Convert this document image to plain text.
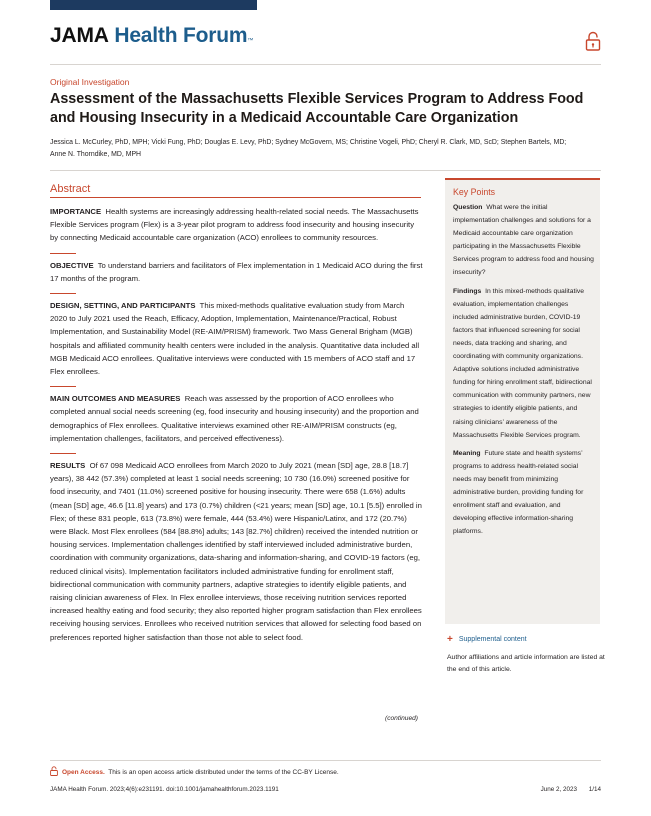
JAMA Health Forum™
Original Investigation
Assessment of the Massachusetts Flexible Services Program to Address Food and Housing Insecurity in a Medicaid Accountable Care Organization
Jessica L. McCurley, PhD, MPH; Vicki Fung, PhD; Douglas E. Levy, PhD; Sydney McGovern, MS; Christine Vogeli, PhD; Cheryl R. Clark, MD, ScD; Stephen Bartels, MD; Anne N. Thorndike, MD, MPH
Abstract

IMPORTANCE Health systems are increasingly addressing health-related social needs. The Massachusetts Flexible Services program (Flex) is a 3-year pilot program to address food insecurity and housing insecurity by connecting Medicaid accountable care organization (ACO) enrollees to community resources.

OBJECTIVE To understand barriers and facilitators of Flex implementation in 1 Medicaid ACO during the first 17 months of the program.

DESIGN, SETTING, AND PARTICIPANTS This mixed-methods qualitative evaluation study from March 2020 to July 2021 used the Reach, Efficacy, Adoption, Implementation, Maintenance/Practical, Robust Implementation, and Sustainability Model (RE-AIM/PRISM) framework. Two Mass General Brigham (MGB) hospitals and affiliated community health centers were included in the analysis. Quantitative data included all MGB Medicaid ACO enrollees. Qualitative interviews were conducted with 15 members of ACO staff and 17 Flex enrollees.

MAIN OUTCOMES AND MEASURES Reach was assessed by the proportion of ACO enrollees who completed annual social needs screening (eg, food insecurity and housing insecurity) and the proportion and demographics of Flex enrollees. Qualitative interviews examined other RE-AIM/PRISM constructs (eg, implementation challenges, facilitators, and perceived effectiveness).

RESULTS Of 67 098 Medicaid ACO enrollees from March 2020 to July 2021 (mean [SD] age, 28.8 [18.7] years), 38 442 (57.3%) completed at least 1 social needs screening; 10 730 (16.0%) screened positive for food insecurity, and 7401 (11.0%) screened positive for housing insecurity. There were 658 (1.6%) adults (mean [SD] age, 46.6 [11.8] years) and 173 (0.7%) children (<21 years; mean [SD] age, 10.1 [5.5]) enrolled in Flex; of these 831 people, 613 (73.8%) were female, 444 (53.4%) were Hispanic/Latinx, and 172 (20.7%) were Black. Most Flex enrollees (584 [88.8%] adults; 143 [82.7%] children) received the intended nutrition or housing services. Implementation challenges identified by staff interviewed included administrative burden, coordination with community organizations, data-sharing and information-sharing, and COVID-19 factors (eg, reduced clinical visits). Implementation facilitators included administrative funding for enrollment staff, bidirectional communication with community partners, adaptive strategies to identify eligible patients, and raising clinician awareness of Flex. In Flex enrollee interviews, those receiving nutrition services reported increased healthy eating and food security; they also reported higher program satisfaction than Flex enrollees receiving housing services. Enrollees who received nutrition services that allowed for selecting food based on preferences reported higher satisfaction than those not able to select food.

Key Points

Question What were the initial implementation challenges and solutions for a Medicaid accountable care organization participating in the Massachusetts Flexible Services program to address food and housing insecurity?

Findings In this mixed-methods qualitative evaluation, implementation challenges included administrative burden, COVID-19 factors that influenced screening for social needs, data tracking and sharing, and coordinating with community organizations. Adaptive solutions included administrative funding for hiring enrollment staff, bidirectional communication with community partners, new strategies to identify eligible patients, and raising clinicians’ awareness of the Massachusetts Flexible Services program.

Meaning Future state and health systems’ programs to address health-related social needs may benefit from minimizing administrative burden, providing funding for enrollment staff and evaluation, and developing effective information-sharing platforms.

+ Supplemental content
Author affiliations and article information are listed at the end of this article.
(continued)
Open Access. This is an open access article distributed under the terms of the CC-BY License.
JAMA Health Forum. 2023;4(6):e231191. doi:10.1001/jamahealthforum.2023.1191	June 2, 2023 1/14
